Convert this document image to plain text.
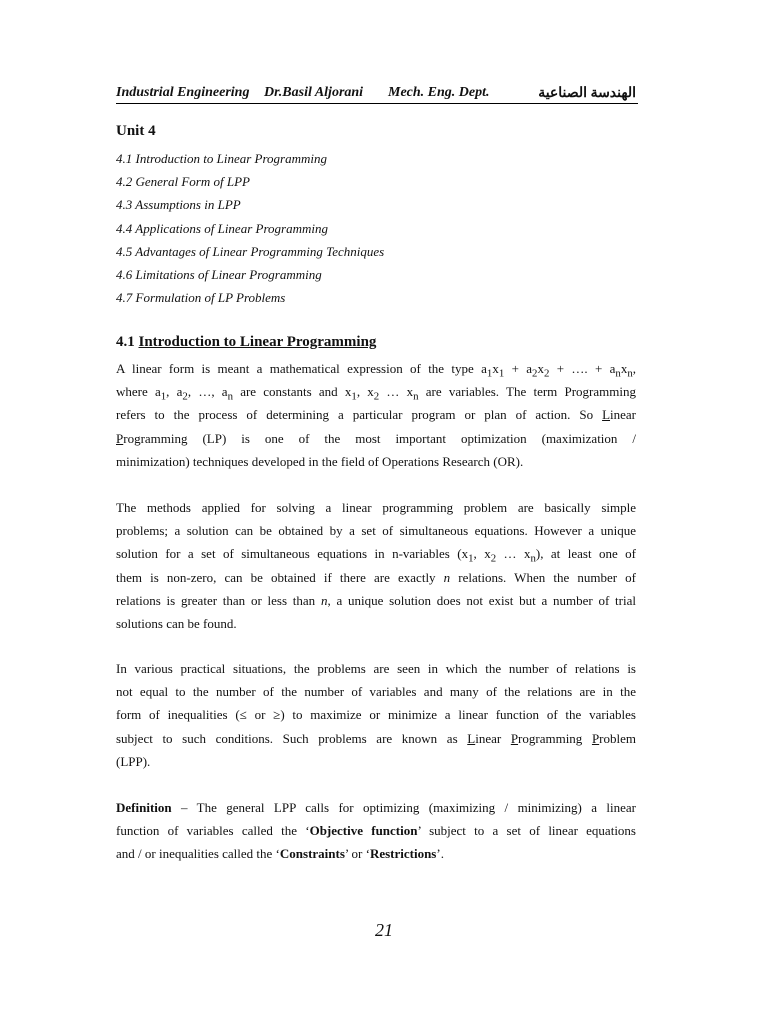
Industrial Engineering Dr.Basil Aljorani Mech. Eng. Dept.	الهندسة الصناعية
Unit 4
4.1 Introduction to Linear Programming
4.2 General Form of LPP
4.3 Assumptions in LPP
4.4 Applications of Linear Programming
4.5 Advantages of Linear Programming Techniques
4.6 Limitations of Linear Programming
4.7 Formulation of LP Problems
4.1 Introduction to Linear Programming
A linear form is meant a mathematical expression of the type $a_1x_1 + a_2x_2$ + …. + $a_nx_n$,
where $a_1$, $a_2$, …, $a_n$ are constants and $x_1$, $x_2$ … $x_n$ are variables. The term Programming
refers to the process of determining a particular program or plan of action. So Linear
Programming (LP) is one of the most important optimization (maximization /
minimization) techniques developed in the field of Operations Research (OR).
The methods applied for solving a linear programming problem are basically simple
problems; a solution can be obtained by a set of simultaneous equations. However a unique
solution for a set of simultaneous equations in n-variables ($x_1$, $x_2$ … $x_n$), at least one of
them is non-zero, can be obtained if there are exactly n relations. When the number of
relations is greater than or less than n, a unique solution does not exist but a number of trial
solutions can be found.
In various practical situations, the problems are seen in which the number of relations is
not equal to the number of the number of variables and many of the relations are in the
form of inequalities (≤ or ≥) to maximize or minimize a linear function of the variables
subject to such conditions. Such problems are known as Linear Programming Problem
(LPP).
Definition – The general LPP calls for optimizing (maximizing / minimizing) a linear
function of variables called the ‘Objective function’ subject to a set of linear equations
and / or inequalities called the ‘Constraints’ or ‘Restrictions’.
21
